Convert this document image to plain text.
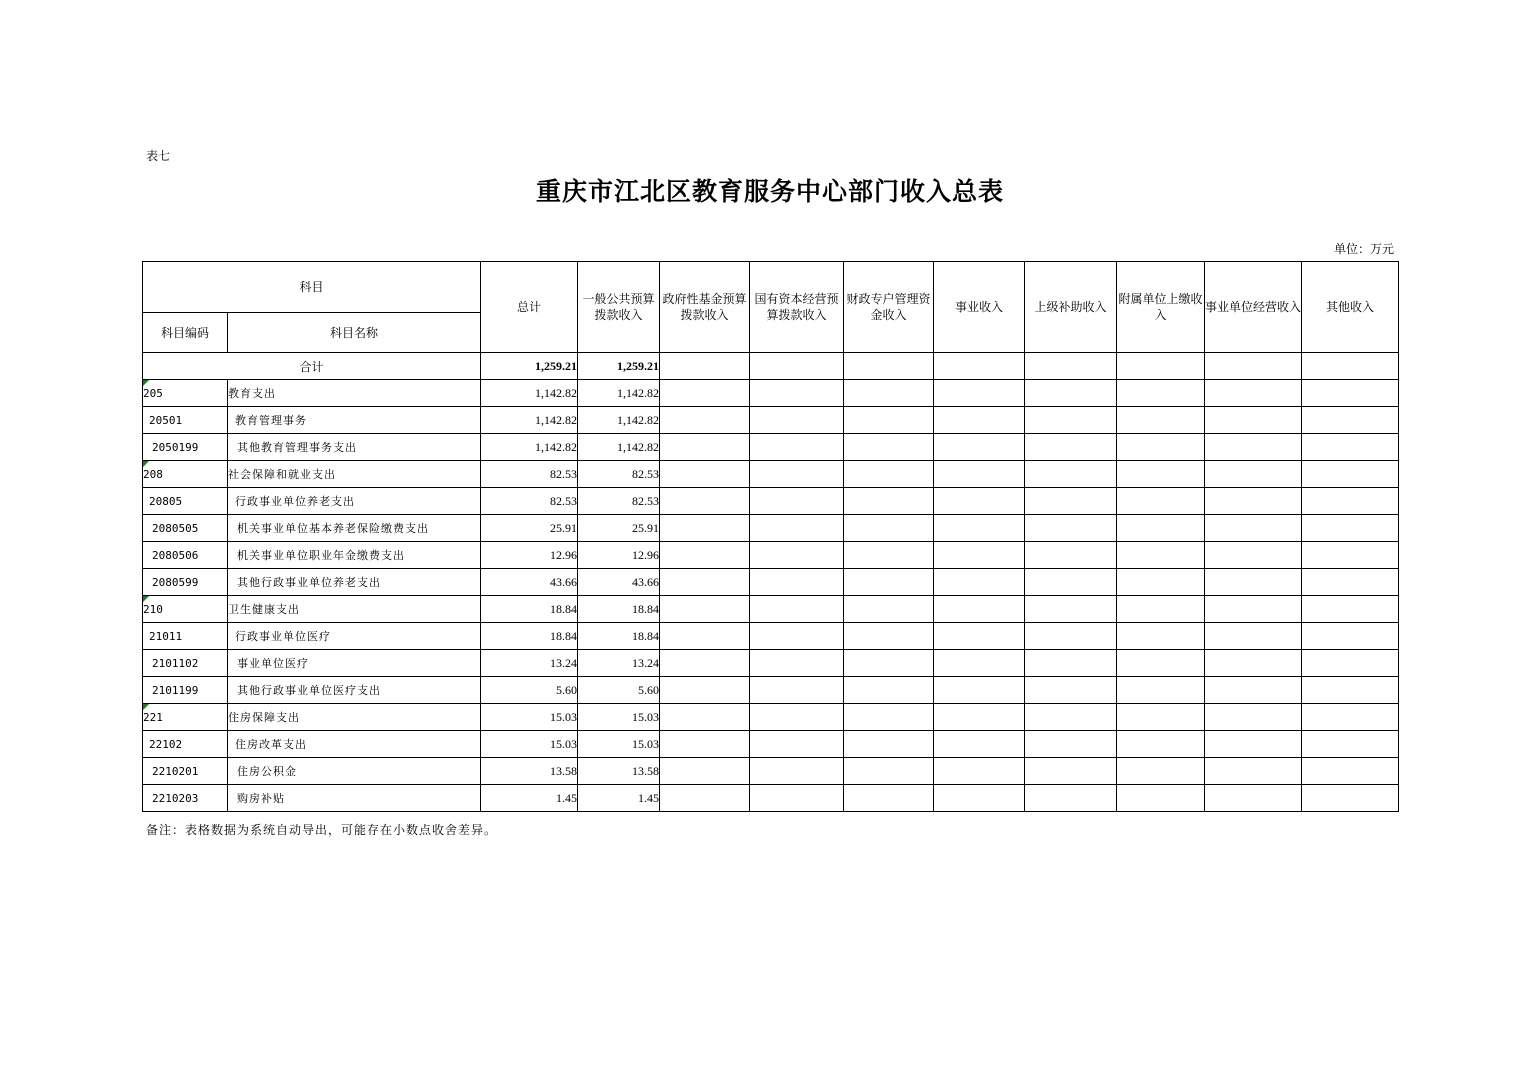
表七
重庆市江北区教育服务中心部门收入总表
单位：万元
科目		总计	一般公共预算拨款收入	政府性基金预算拨款收入	国有资本经营预算拨款收入	财政专户管理资金收入	事业收入	上级补助收入	附属单位上缴收入	事业单位经营收入	其他收入
科目编码	科目名称										
合计		1,259.21	1,259.21								

205	教育支出	1,142.82	1,142.82								
20501	教育管理事务	1,142.82	1,142.82								
2050199	其他教育管理事务支出	1,142.82	1,142.82								

208	社会保障和就业支出	82.53	82.53								
20805	行政事业单位养老支出	82.53	82.53								
2080505	机关事业单位基本养老保险缴费支出	25.91	25.91								
2080506	机关事业单位职业年金缴费支出	12.96	12.96								
2080599	其他行政事业单位养老支出	43.66	43.66								

210	卫生健康支出	18.84	18.84								
21011	行政事业单位医疗	18.84	18.84								
2101102	事业单位医疗	13.24	13.24								
2101199	其他行政事业单位医疗支出	5.60	5.60								

221	住房保障支出	15.03	15.03								
22102	住房改革支出	15.03	15.03								
2210201	住房公积金	13.58	13.58								
2210203	购房补贴	1.45	1.45								
备注：表格数据为系统自动导出，可能存在小数点收舍差异。
